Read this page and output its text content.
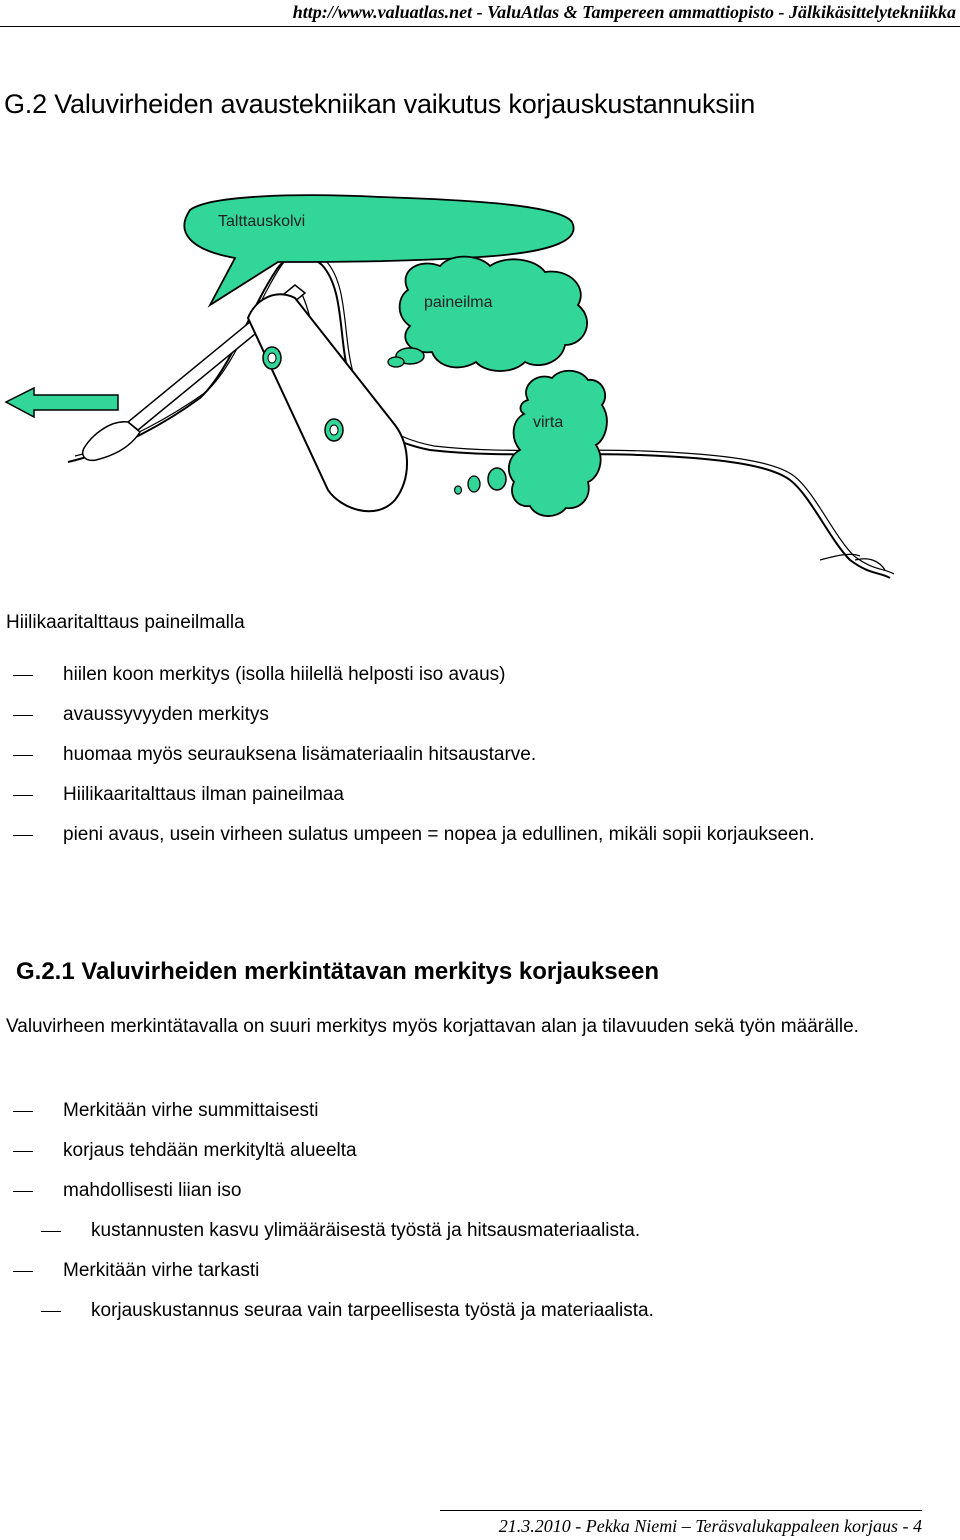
http://www.valuatlas.net - ValuAtlas & Tampereen ammattiopisto - Jälkikäsittelytekniikka
G.2 Valuvirheiden avaustekniikan vaikutus korjauskustannuksiin
Talttauskolvi
paineilma
virta
Hiilikaaritalttaus paineilmalla
hiilen koon merkitys (isolla hiilellä helposti iso avaus)
avaussyvyyden merkitys
huomaa myös seurauksena lisämateriaalin hitsaustarve.
Hiilikaaritalttaus ilman paineilmaa
pieni avaus, usein virheen sulatus umpeen = nopea ja edullinen, mikäli sopii korjaukseen.
G.2.1 Valuvirheiden merkintätavan merkitys korjaukseen

Valuvirheen merkintätavalla on suuri merkitys myös korjattavan alan ja tilavuuden sekä työn määrälle.

Merkitään virhe summittaisesti
korjaus tehdään merkityltä alueelta
mahdollisesti liian iso
kustannusten kasvu ylimääräisestä työstä ja hitsausmateriaalista.
Merkitään virhe tarkasti
korjauskustannus seuraa vain tarpeellisesta työstä ja materiaalista.
21.3.2010 - Pekka Niemi – Teräsvalukappaleen korjaus - 4
